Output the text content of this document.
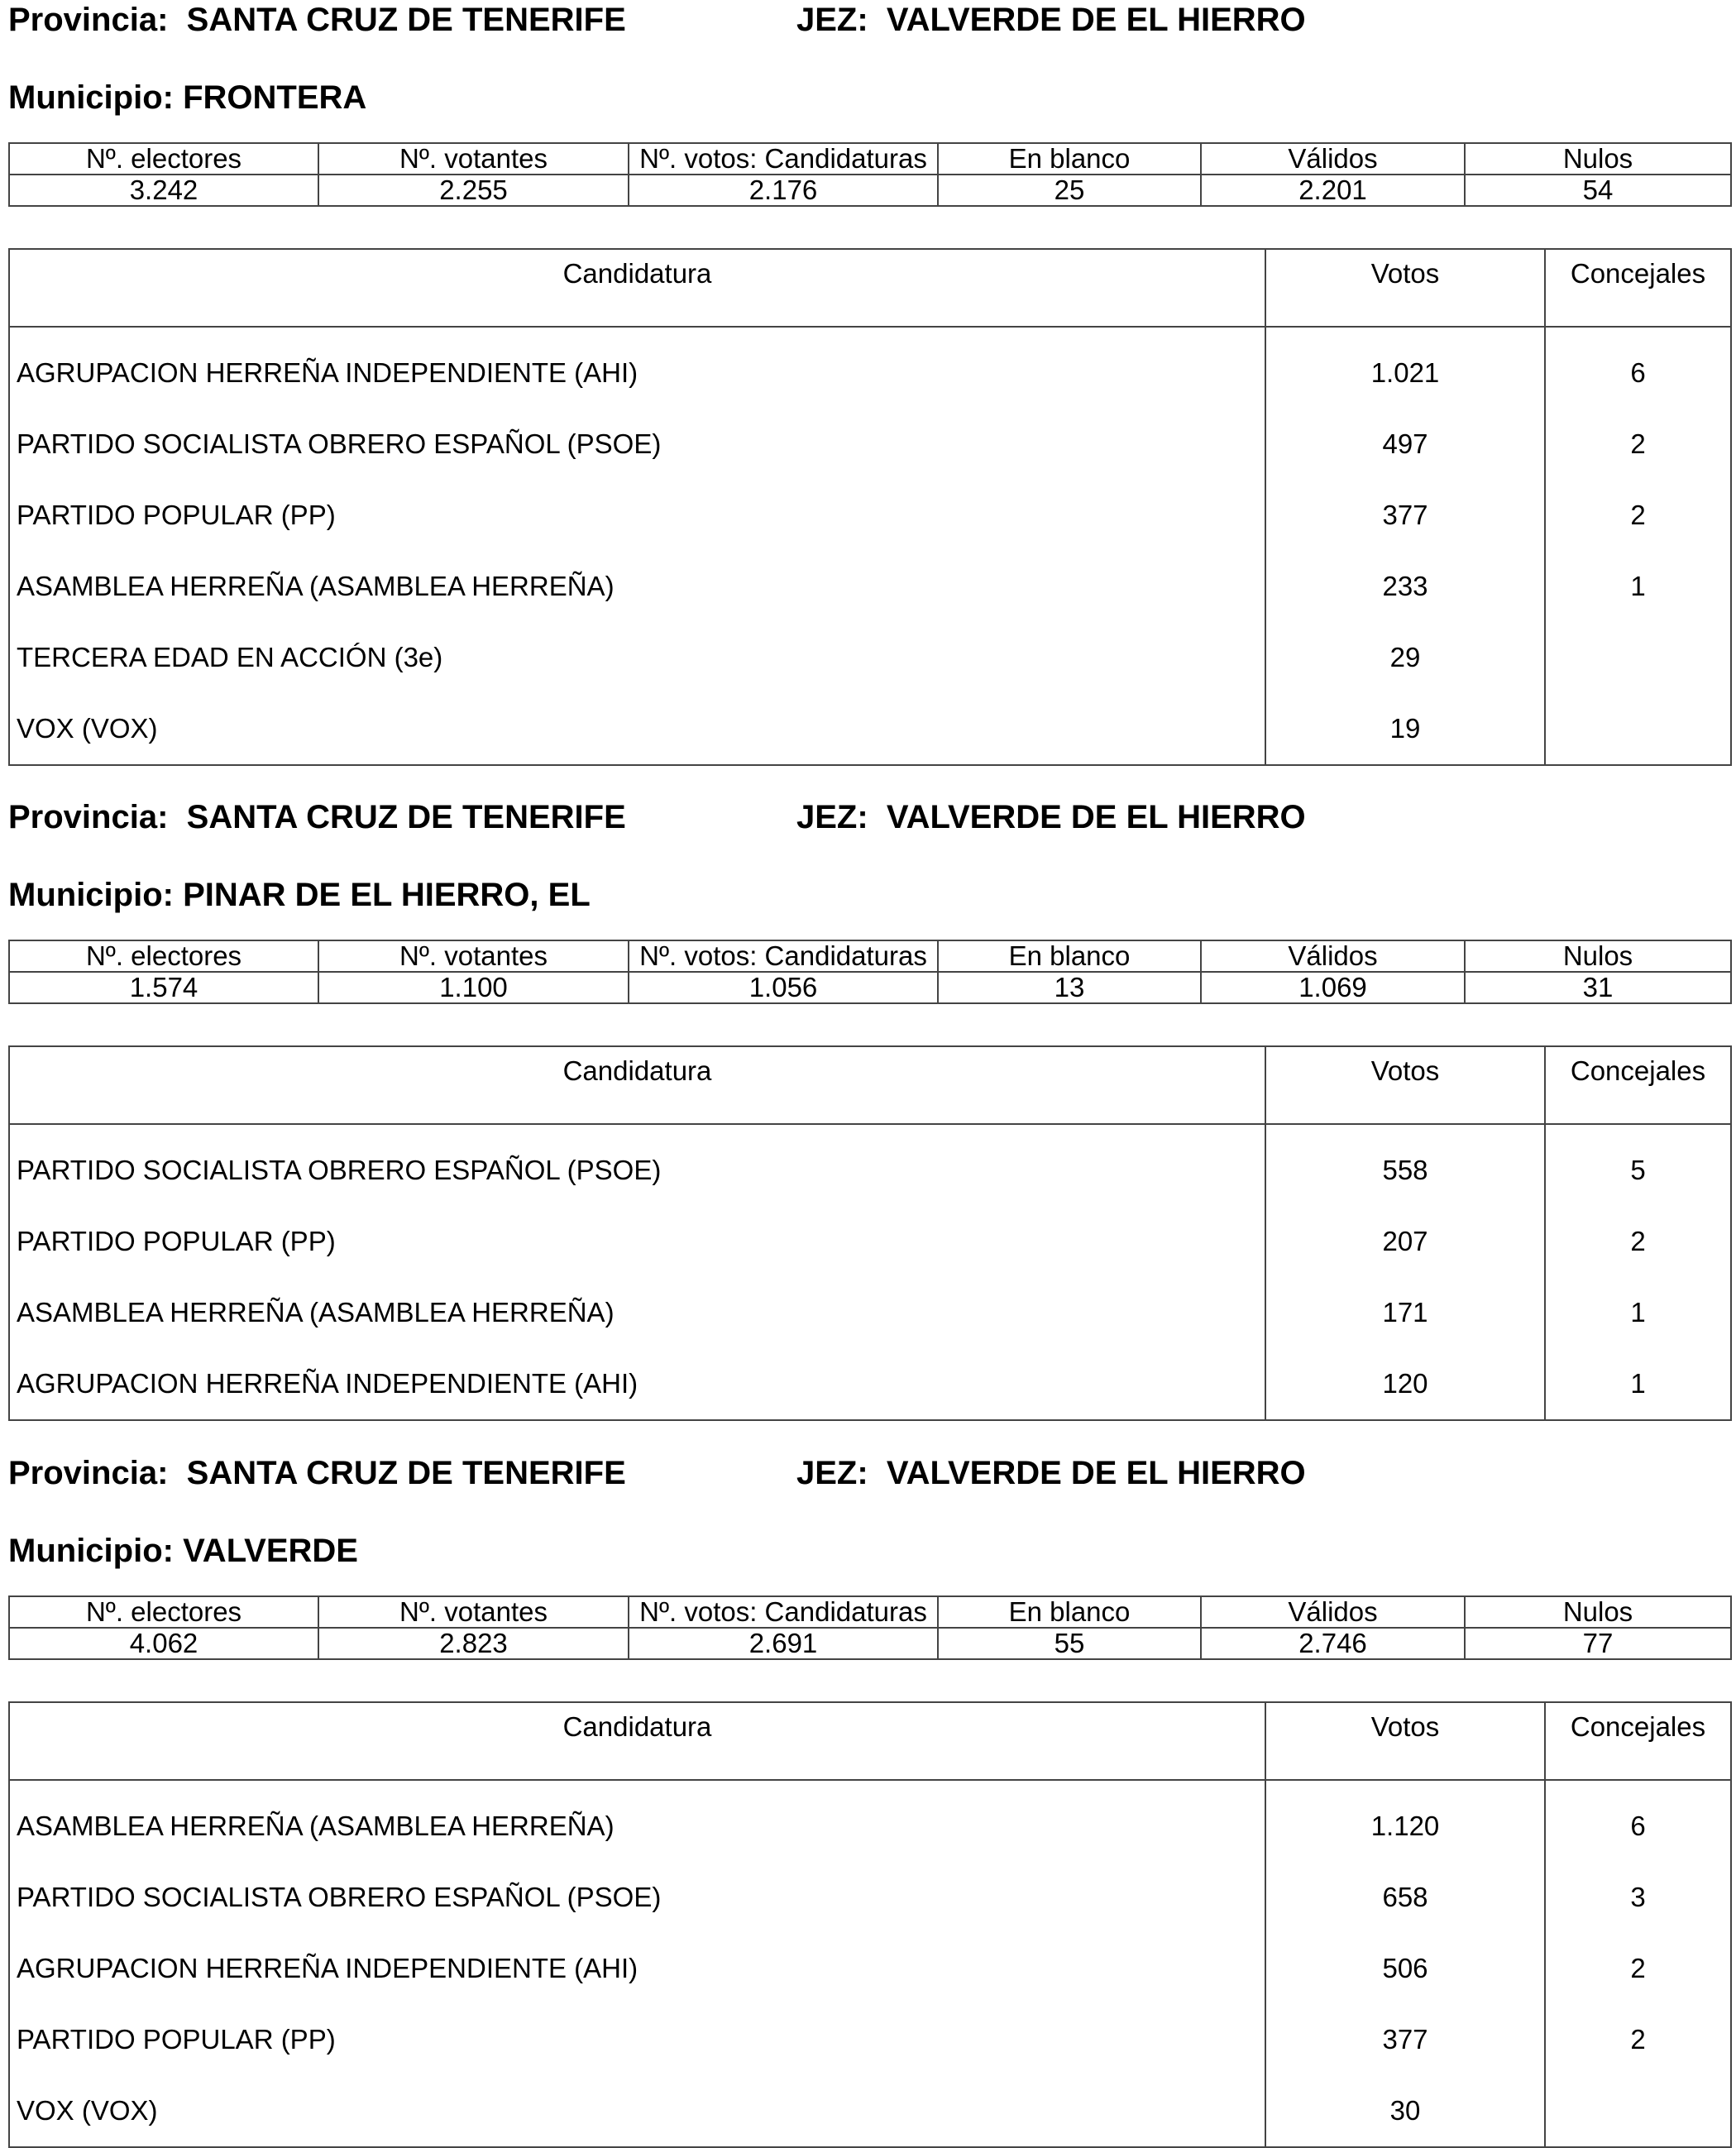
Provincia: SANTA CRUZ DE TENERIFE	JEZ: VALVERDE DE EL HIERRO
Municipio: FRONTERA
Nº. electores	Nº. votantes	Nº. votos: Candidaturas	En blanco	Válidos	Nulos
3.242	2.255	2.176	25	2.201	54
Candidatura	Votos	Concejales
AGRUPACION HERREÑA INDEPENDIENTE (AHI)	1.021	6
PARTIDO SOCIALISTA OBRERO ESPAÑOL (PSOE)	497	2
PARTIDO POPULAR (PP)	377	2
ASAMBLEA HERREÑA (ASAMBLEA HERREÑA)	233	1
TERCERA EDAD EN ACCIÓN (3e)	29	
VOX (VOX)	19	
Provincia: SANTA CRUZ DE TENERIFE	JEZ: VALVERDE DE EL HIERRO
Municipio: PINAR DE EL HIERRO, EL
Nº. electores	Nº. votantes	Nº. votos: Candidaturas	En blanco	Válidos	Nulos
1.574	1.100	1.056	13	1.069	31
Candidatura	Votos	Concejales
PARTIDO SOCIALISTA OBRERO ESPAÑOL (PSOE)	558	5
PARTIDO POPULAR (PP)	207	2
ASAMBLEA HERREÑA (ASAMBLEA HERREÑA)	171	1
AGRUPACION HERREÑA INDEPENDIENTE (AHI)	120	1
Provincia: SANTA CRUZ DE TENERIFE	JEZ: VALVERDE DE EL HIERRO
Municipio: VALVERDE
Nº. electores	Nº. votantes	Nº. votos: Candidaturas	En blanco	Válidos	Nulos
4.062	2.823	2.691	55	2.746	77
Candidatura	Votos	Concejales
ASAMBLEA HERREÑA (ASAMBLEA HERREÑA)	1.120	6
PARTIDO SOCIALISTA OBRERO ESPAÑOL (PSOE)	658	3
AGRUPACION HERREÑA INDEPENDIENTE (AHI)	506	2
PARTIDO POPULAR (PP)	377	2
VOX (VOX)	30	
